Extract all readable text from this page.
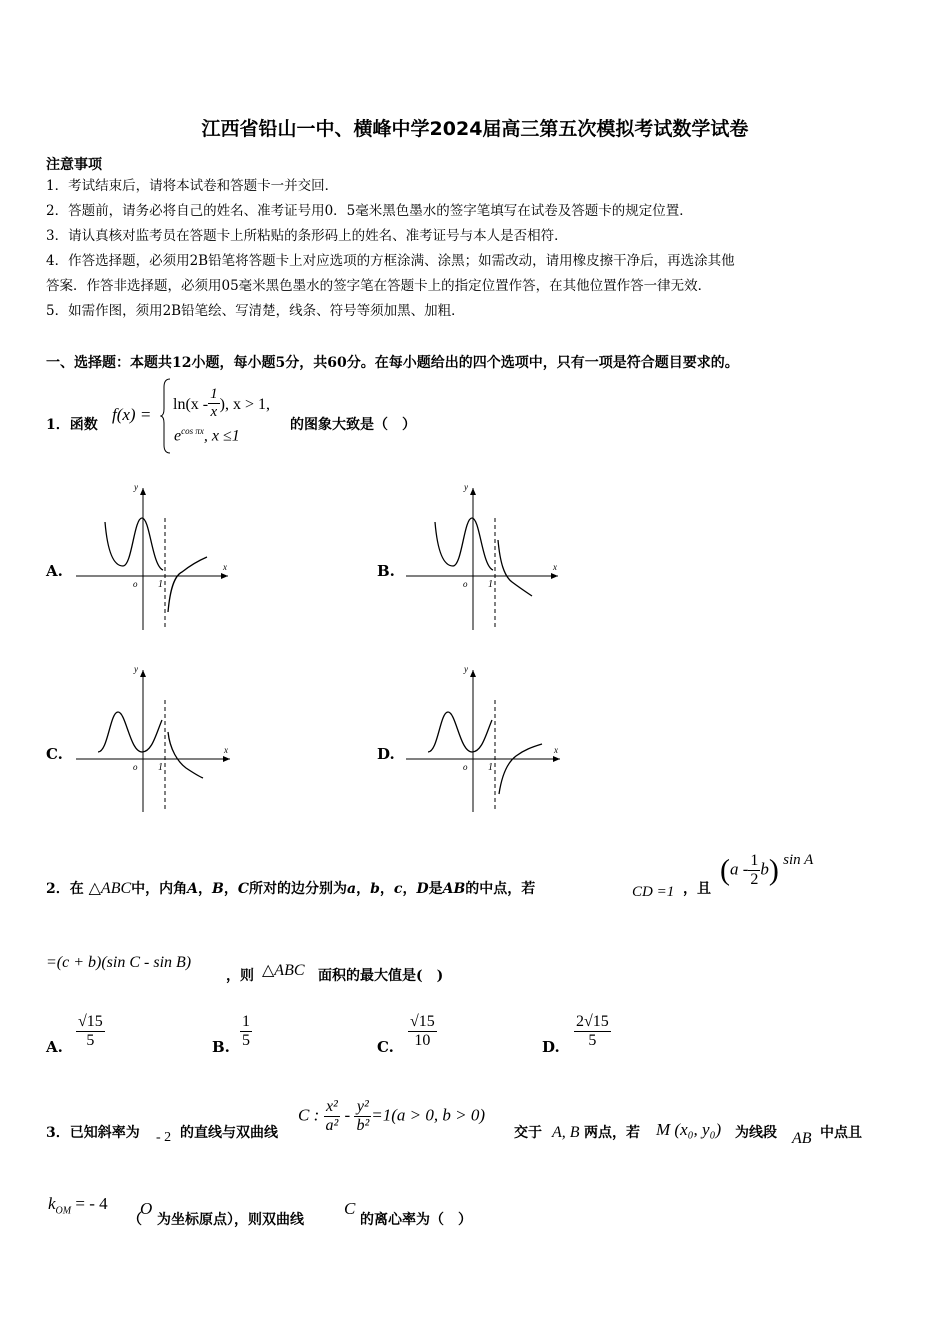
江西省铅山一中、横峰中学2024届高三第五次模拟考试数学试卷
注意事项
1．考试结束后，请将本试卷和答题卡一并交回．
2．答题前，请务必将自己的姓名、准考证号用0．5毫米黑色墨水的签字笔填写在试卷及答题卡的规定位置．
3．请认真核对监考员在答题卡上所粘贴的条形码上的姓名、准考证号与本人是否相符．
4．作答选择题，必须用2B铅笔将答题卡上对应选项的方框涂满、涂黑；如需改动，请用橡皮擦干净后，再选涂其他
答案．作答非选择题，必须用05毫米黑色墨水的签字笔在答题卡上的指定位置作答，在其他位置作答一律无效．
5．如需作图，须用2B铅笔绘、写清楚，线条、符号等须加黑、加粗．
一、选择题：本题共12小题，每小题5分，共60分。在每小题给出的四个选项中，只有一项是符合题目要求的。
1．函数
f(x) =
$\ln(x - \frac{1}{x}$ ), x > 1,
$e^{cos \pi x}$, x ≤1
的图象大致是（　）
A.	B.
C.	D.
x
y
o 1
x
y
o 1
x
y
o 1
x
y
o 1
2．在 △ABC中，内角A，B，C所对的边分别为a，b，c，D是AB的中点，若	CD =1 ，且
$(a - \frac{1}{2} b)$ sin A
=(c + b)(sin C - sin B)
，则 △ABC 面积的最大值是(　)
A. $\frac{√15}{5}$	B. $\frac{1}{5}$	C. $\frac{√15}{10}$	D. $\frac{2√15}{5}$
3．已知斜率为 - 2 的直线与双曲线
C : $\frac{\text{x²}}{\text{a²}} - \frac{\text{y²}}{\text{b²}} =1(a > 0$, b > 0)
交于 A, B 两点，若 M (x₀, y₀) 为线段 AB 中点且
$k_{OM}$ = - 4
（
O
为坐标原点），则双曲线
C
的离心率为（　）
